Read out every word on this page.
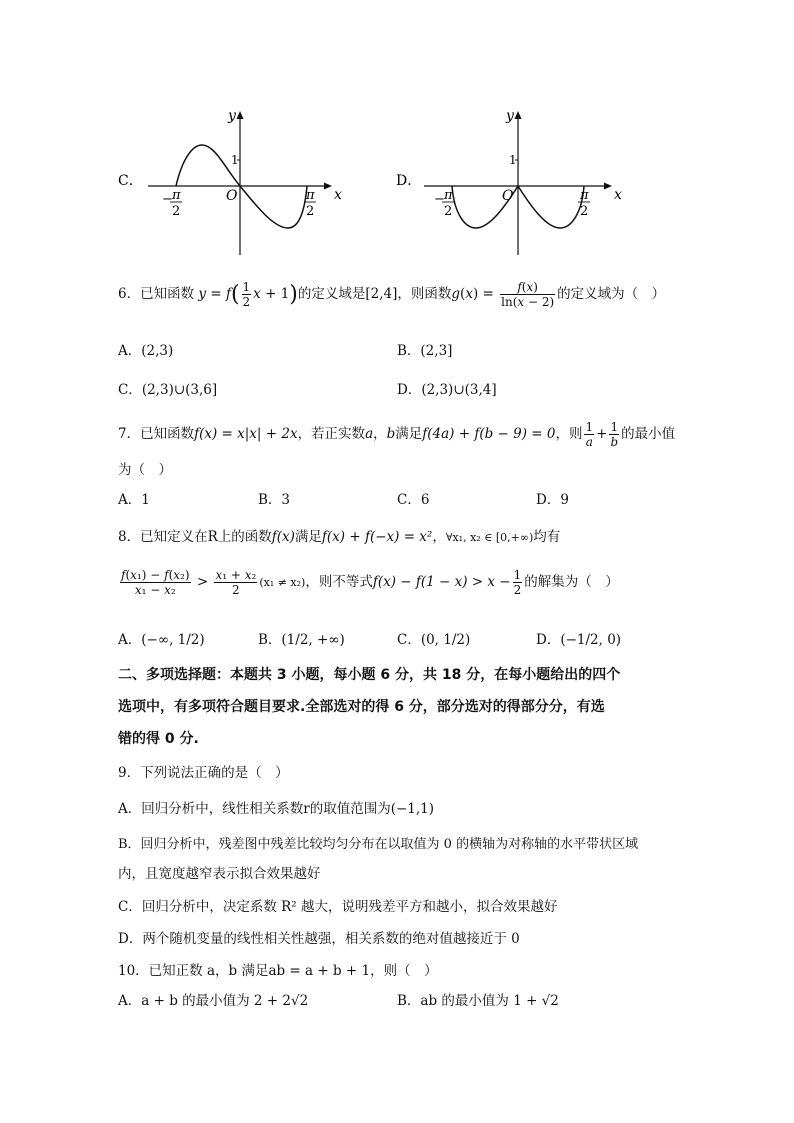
C．
y
x
O
1
− π
2
π
2
D．
y
x
O
1
− π
2
π
2
6．已知函数 $y = f( \frac{1}{2}$ x + 1)的定义域是[2,4]，则函数$g(x) = \frac{f(x)}{\ln(x - 2)}$ 的定义域为（　）
A．(2,3)	B．(2,3]
C．(2,3)∪(3,6]	D．(2,3)∪(3,4]
7．已知函数f(x) = x|x| + 2x，若正实数a，b满足f(4a) + f(b − 9) = 0，则 $\frac{1}{a} + \frac{1}{b}$ 的最小值
为（　）
A．1	B．3	C．6	D．9
8．已知定义在R上的函数f(x)满足f(x) + f(−x) = x²，∀x₁, x₂ ∈ [0,+∞)均有
$\frac{\text{f(x₁) − f(x₂)}}{\text{x₁ − x₂}} > \frac{\text{x₁ + x₂}}{2} (x_1 \ne x_2)$，则不等式$f(x) - f(1 - x) > x - \frac{1}{2}$ 的解集为（　）
A．(−∞, 1/2)	B．(1/2, +∞)	C．(0, 1/2)	D．(−1/2, 0)
二、多项选择题：本题共 3 小题，每小题 6 分，共 18 分，在每小题给出的四个
选项中，有多项符合题目要求.全部选对的得 6 分，部分选对的得部分分，有选
错的得 0 分.
9．下列说法正确的是（　）
A．回归分析中，线性相关系数r的取值范围为(−1,1)
B．回归分析中，残差图中残差比较均匀分布在以取值为 0 的横轴为对称轴的水平带状区域
内，且宽度越窄表示拟合效果越好
C．回归分析中，决定系数 R² 越大，说明残差平方和越小，拟合效果越好
D．两个随机变量的线性相关性越强，相关系数的绝对值越接近于 0
10．已知正数 a，b 满足ab = a + b + 1，则（　）
A．a + b 的最小值为 2 + 2√2	B．ab 的最小值为 1 + √2
